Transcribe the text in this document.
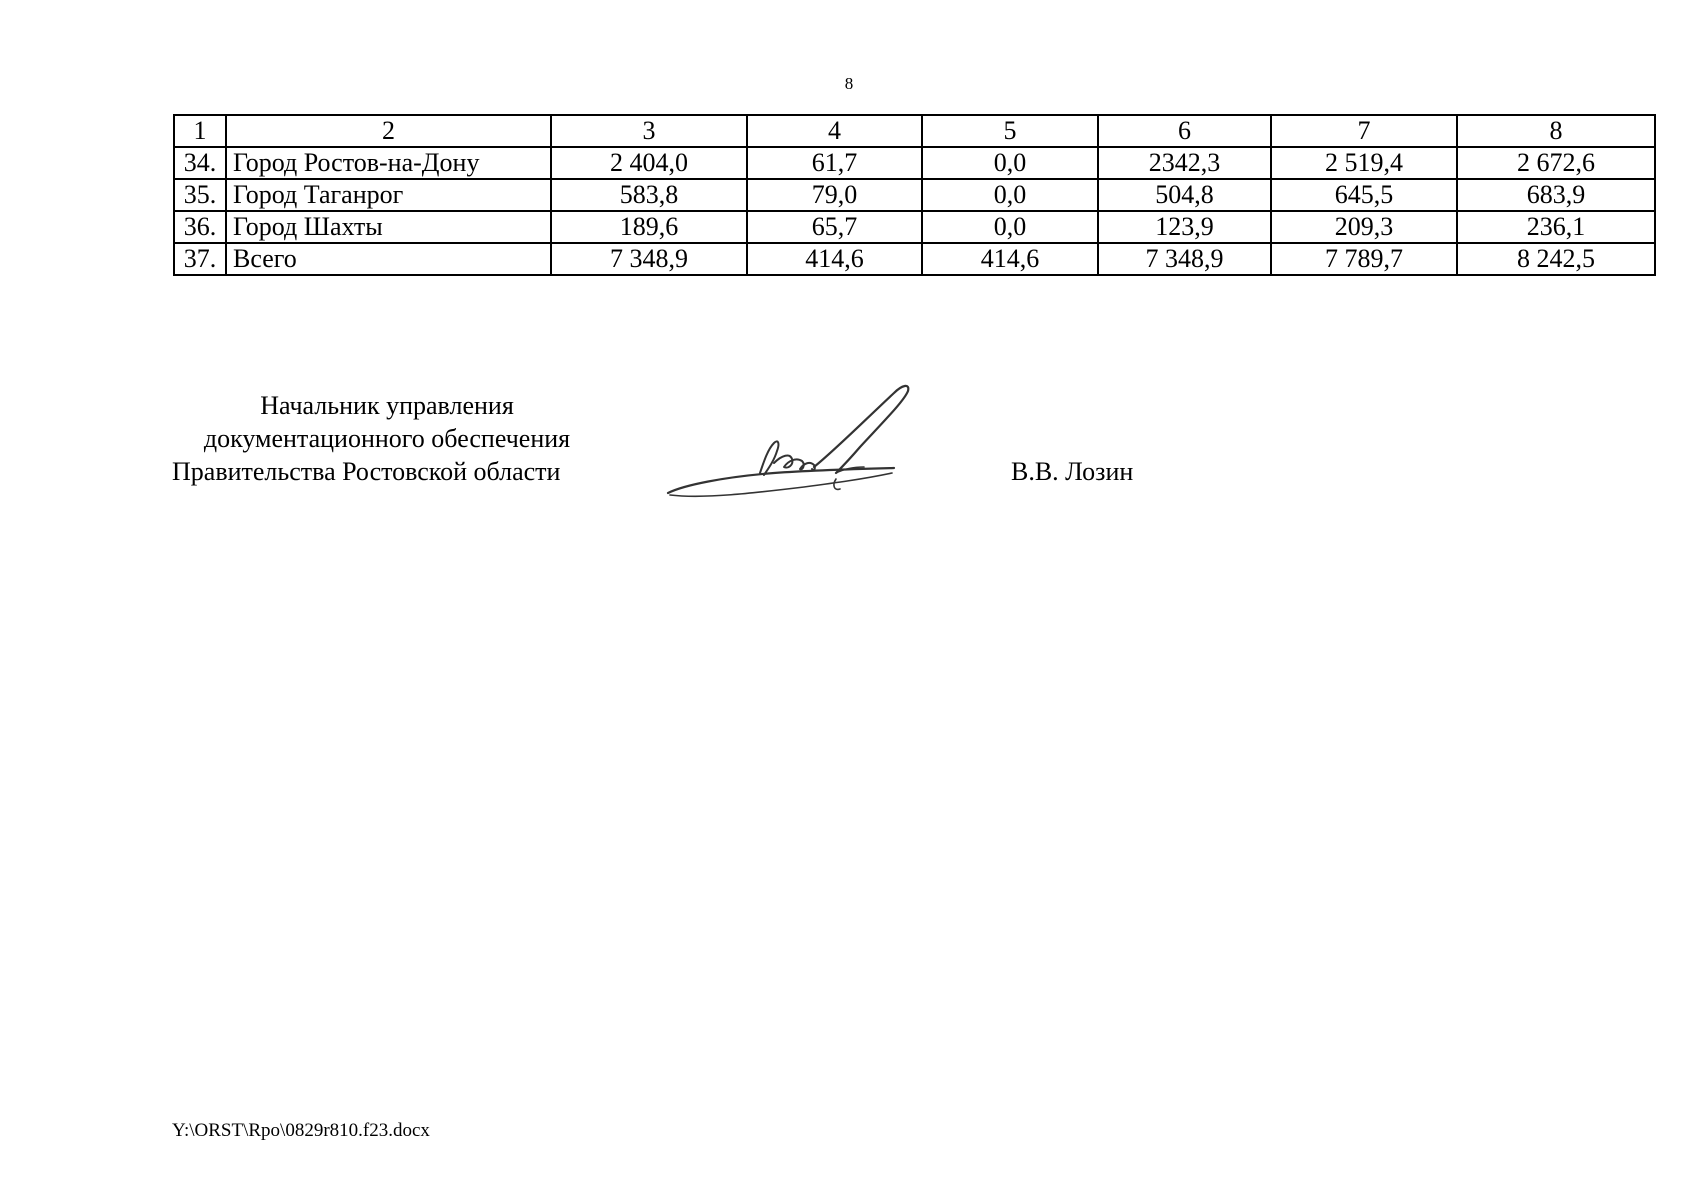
8
1	2	3	4	5	6	7	8
34.	Город Ростов-на-Дону	2 404,0	61,7	0,0	2342,3	2 519,4	2 672,6
35.	Город Таганрог	583,8	79,0	0,0	504,8	645,5	683,9
36.	Город Шахты	189,6	65,7	0,0	123,9	209,3	236,1
37.	Всего	7 348,9	414,6	414,6	7 348,9	7 789,7	8 242,5
Начальник управления
документационного обеспечения
Правительства Ростовской области	В.В. Лозин
Y:\ORST\Rpo\0829r810.f23.docx
